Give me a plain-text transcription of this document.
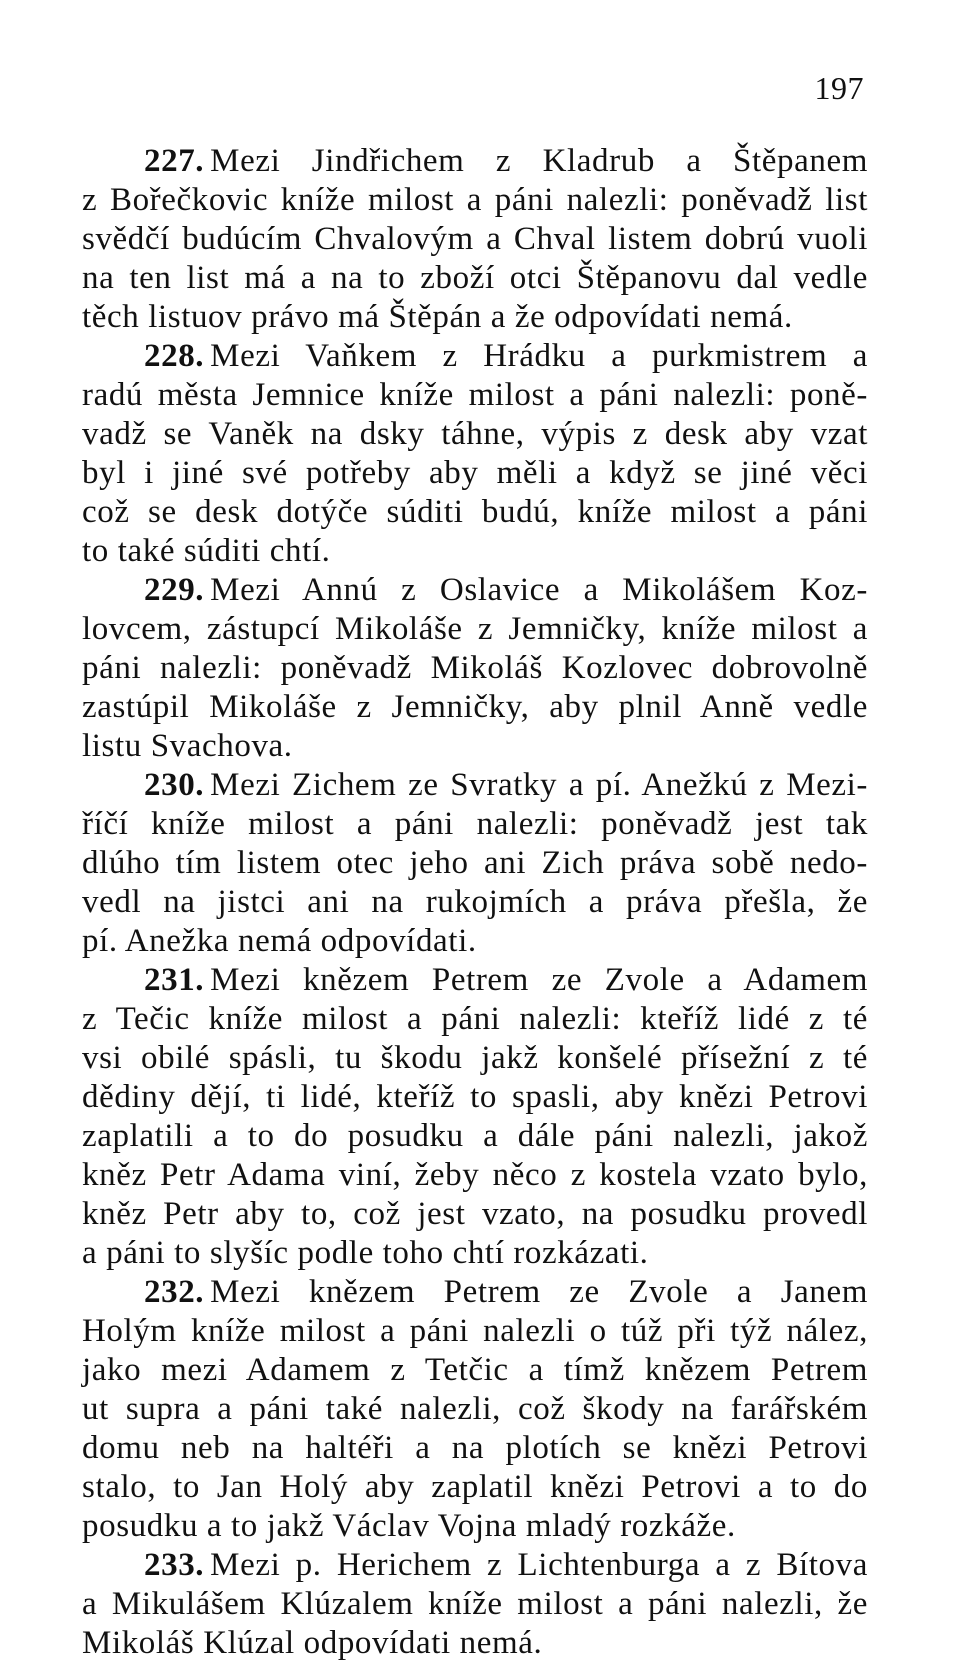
197
227. Mezi Jindřichem z Kladrub a Štěpanem
z Bořečkovic kníže milost a páni nalezli: poněvadž list
svědčí budúcím Chvalovým a Chval listem dobrú vuoli
na ten list má a na to zboží otci Štěpanovu dal vedle
těch listuov právo má Štěpán a že odpovídati nemá.
228. Mezi Vaňkem z Hrádku a purkmistrem a
radú města Jemnice kníže milost a páni nalezli: poně-
vadž se Vaněk na dsky táhne, výpis z desk aby vzat
byl i jiné své potřeby aby měli a když se jiné věci
což se desk dotýče súditi budú, kníže milost a páni
to také súditi chtí.
229. Mezi Annú z Oslavice a Mikolášem Koz-
lovcem, zástupcí Mikoláše z Jemničky, kníže milost a
páni nalezli: poněvadž Mikoláš Kozlovec dobrovolně
zastúpil Mikoláše z Jemničky, aby plnil Anně vedle
listu Svachova.
230. Mezi Zichem ze Svratky a pí. Anežkú z Mezi-
říčí kníže milost a páni nalezli: poněvadž jest tak
dlúho tím listem otec jeho ani Zich práva sobě nedo-
vedl na jistci ani na rukojmích a práva přešla, že
pí. Anežka nemá odpovídati.
231. Mezi knězem Petrem ze Zvole a Adamem
z Tečic kníže milost a páni nalezli: kteříž lidé z té
vsi obilé spásli, tu škodu jakž konšelé přísežní z té
dědiny dějí, ti lidé, kteříž to spasli, aby knězi Petrovi
zaplatili a to do posudku a dále páni nalezli, jakož
kněz Petr Adama viní, žeby něco z kostela vzato bylo,
kněz Petr aby to, což jest vzato, na posudku provedl
a páni to slyšíc podle toho chtí rozkázati.
232. Mezi knězem Petrem ze Zvole a Janem
Holým kníže milost a páni nalezli o túž při týž nález,
jako mezi Adamem z Tetčic a tímž knězem Petrem
ut supra a páni také nalezli, což škody na farářském
domu neb na haltéři a na plotích se knězi Petrovi
stalo, to Jan Holý aby zaplatil knězi Petrovi a to do
posudku a to jakž Václav Vojna mladý rozkáže.
233. Mezi p. Herichem z Lichtenburga a z Bítova
a Mikulášem Klúzalem kníže milost a páni nalezli, že
Mikoláš Klúzal odpovídati nemá.
